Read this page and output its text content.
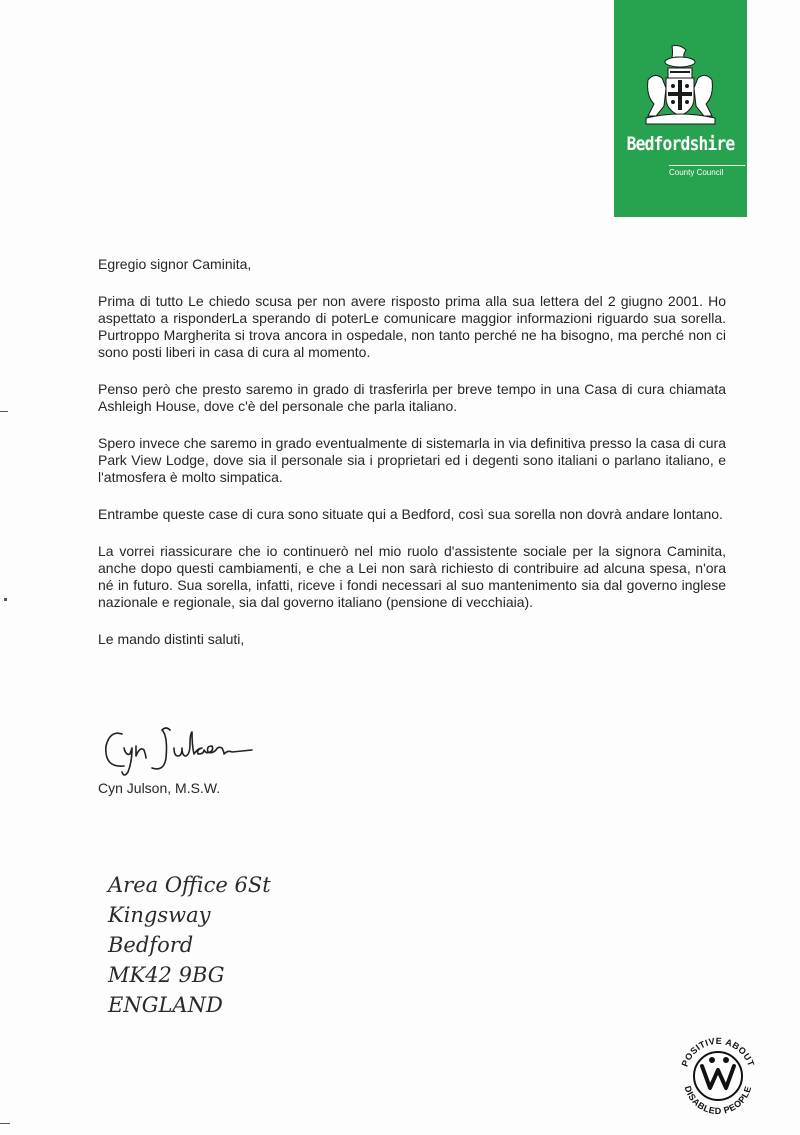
Bedfordshire
County Council

Egregio signor Caminita,

Prima di tutto Le chiedo scusa per non avere risposto prima alla sua lettera del 2 giugno 2001. Ho aspettato a risponderLa sperando di poterLe comunicare maggior informazioni riguardo sua sorella. Purtroppo Margherita si trova ancora in ospedale, non tanto perché ne ha bisogno, ma perché non ci sono posti liberi in casa di cura al momento.

Penso però che presto saremo in grado di trasferirla per breve tempo in una Casa di cura chiamata Ashleigh House, dove c'è del personale che parla italiano.

Spero invece che saremo in grado eventualmente di sistemarla in via definitiva presso la casa di cura Park View Lodge, dove sia il personale sia i proprietari ed i degenti sono italiani o parlano italiano, e l'atmosfera è molto simpatica.

Entrambe queste case di cura sono situate qui a Bedford, così sua sorella non dovrà andare lontano.

La vorrei riassicurare che io continuerò nel mio ruolo d'assistente sociale per la signora Caminita, anche dopo questi cambiamenti, e che a Lei non sarà richiesto di contribuire ad alcuna spesa, n'ora né in futuro. Sua sorella, infatti, riceve i fondi necessari al suo mantenimento sia dal governo inglese nazionale e regionale, sia dal governo italiano (pensione di vecchiaia).

Le mando distinti saluti,

Cyn Julson, M.S.W.
Area Office 6St
Kingsway
Bedford
MK42 9BG
ENGLAND
POSITIVE ABOUT
DISABLED PEOPLE
